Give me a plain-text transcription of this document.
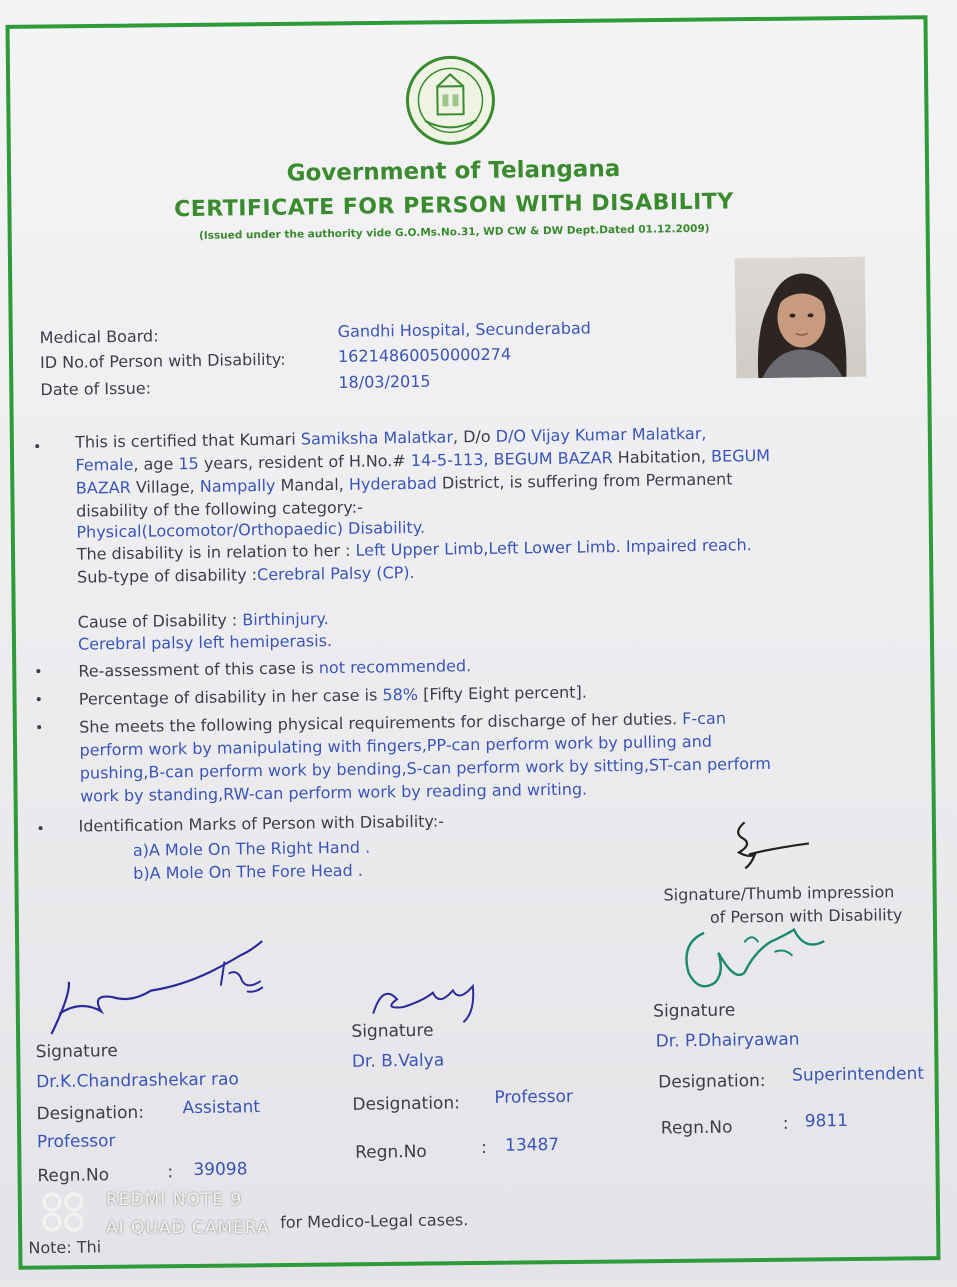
Government of Telangana
CERTIFICATE FOR PERSON WITH DISABILITY
(Issued under the authority vide G.O.Ms.No.31, WD CW & DW Dept.Dated 01.12.2009)
Medical Board:	Gandhi Hospital, Secunderabad
ID No.of Person with Disability:	16214860050000274
Date of Issue:	18/03/2015
This is certified that Kumari Samiksha Malatkar, D/o D/O Vijay Kumar Malatkar,
Female, age 15 years, resident of H.No.# 14-5-113, BEGUM BAZAR Habitation, BEGUM
BAZAR Village, Nampally Mandal, Hyderabad District, is suffering from Permanent
disability of the following category:-
Physical(Locomotor/Orthopaedic) Disability.
The disability is in relation to her : Left Upper Limb,Left Lower Limb. Impaired reach.
Sub-type of disability :Cerebral Palsy (CP).
Cause of Disability : Birthinjury.
Cerebral palsy left hemiperasis.
Re-assessment of this case is not recommended.
Percentage of disability in her case is 58% [Fifty Eight percent].
She meets the following physical requirements for discharge of her duties. F-can
perform work by manipulating with fingers,PP-can perform work by pulling and
pushing,B-can perform work by bending,S-can perform work by sitting,ST-can perform
work by standing,RW-can perform work by reading and writing.
Identification Marks of Person with Disability:-
a)A Mole On The Right Hand .
b)A Mole On The Fore Head .
Signature/Thumb impression
of Person with Disability
Signature
Dr.K.Chandrashekar rao
Designation: Assistant
Professor
Regn.No	: 39098
Signature
Dr. B.Valya
Designation: Professor
Regn.No	: 13487
Signature
Dr. P.Dhairyawan
Designation: Superintendent
Regn.No	: 9811
Note: Thi
for Medico-Legal cases.
REDMI NOTE 9
AI QUAD CAMERA
